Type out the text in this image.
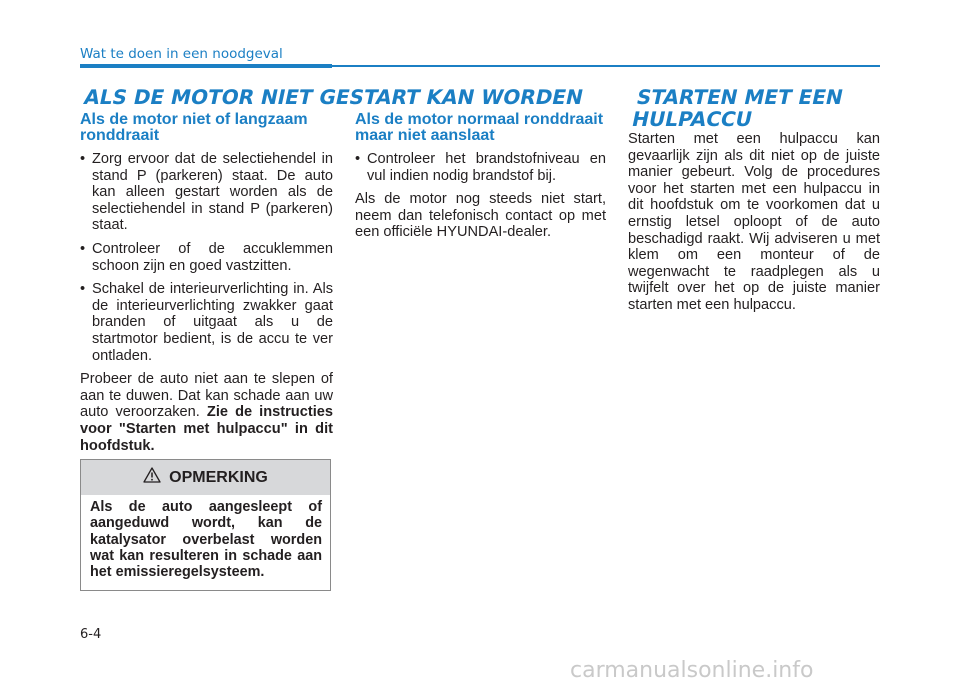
Wat te doen in een noodgeval
ALS DE MOTOR NIET GESTART KAN WORDEN STARTEN MET EEN HULPACCU
Als de motor niet of langzaam ronddraait
Als de motor normaal ronddraait maar niet aanslaat
• Zorg ervoor dat de selectiehendel in stand P (parkeren) staat. De auto kan alleen gestart worden als de selectiehendel in stand P (parkeren) staat.
• Controleer of de accuklemmen schoon zijn en goed vastzitten.
• Schakel de interieurverlichting in. Als de interieurverlichting zwakker gaat branden of uitgaat als u de startmotor bedient, is de accu te ver ontladen.

Probeer de auto niet aan te slepen of aan te duwen. Dat kan schade aan uw auto veroorzaken. Zie de instructies voor "Starten met hulpaccu" in dit hoofdstuk.

• Controleer het brandstofniveau en vul indien nodig brandstof bij.

Als de motor nog steeds niet start, neem dan telefonisch contact op met een officiële HYUNDAI-dealer.

Starten met een hulpaccu kan gevaarlijk zijn als dit niet op de juiste manier gebeurt. Volg de procedures voor het starten met een hulpaccu in dit hoofdstuk om te voorkomen dat u ernstig letsel oploopt of de auto beschadigd raakt. Wij adviseren u met klem om een monteur of de wegenwacht te raadplegen als u twijfelt over het op de juiste manier starten met een hulpaccu.

OPMERKING

Als de auto aangesleept of aangeduwd wordt, kan de katalysator overbelast worden wat kan resulteren in schade aan het emissieregelsysteem.

6-4
carmanualsonline.info
